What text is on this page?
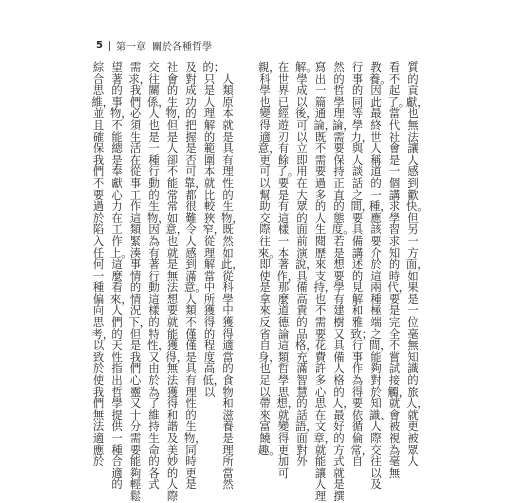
5 第一章 關於各種哲學
質的貢獻，也無法讓人感到歡快。但另一方面，如果是一位毫無知識的旅人，就更被眾人
看不起了。當代社會是一個講求學習求知的時代，要是完全不嘗試接觸，就會被視為毫無
教養。因此最終世人稱道的一種，應該要介於這兩種極端之間，能夠對於知識、人際交往以及
行事的同等學力，與人談話之間，要具備講述的見解和雅致；行事作為得要依循倫常，自
然的哲學理論，需要保持正直的態度。若是想要學有建樹又具備人格的人，最好的方式就是撰
寫出一篇通論，既不需要過多的人生閱歷來支持，也不需要花費許多心思在文章，就能讓人理
解。學成以後，可以立即用在大眾的面前演說，具備高貴的品格，充滿智慧的話語，面對外
在世界已經遊刃有餘了。要是有這樣一本著作，那麼道德論這類哲學思想，就變得更加可
親，科學也變得適意，更可以幫助交際往來。即使是拿來反省自身，也足以帶來富饒趣。
　人類原本就是具有理性的生物，既然如此，從科學中獲得適當的食物和滋養是理所當然
的；只是人理解的範圍本就比較狹窄，從理解當中所獲得的程度高低，以
及對成功的把握是否可靠，都很難令人感到滿意。人類不僅僅是具有理性的生物，同時更是
社會的生物，但是人卻不能常常如意，也就是無法想要就能獲得，無法獲得和諧及美妙的人際
交往關係，人也是一種行動的生物，因為有著行動這樣的特性，又由於為了維持生命的各式
需求，我們必須生活在從事工作這類緊湊事情的情況下，但是我們心靈又十分需要能夠輕鬆
望著的事物，不能總是奉獻心力在工作上。這麼看來，人們的天性指出哲學提供一種合適的
綜合思維，並且確保我們不要過於陷入任何一種偏向思考，以致於使我們無法適應於
